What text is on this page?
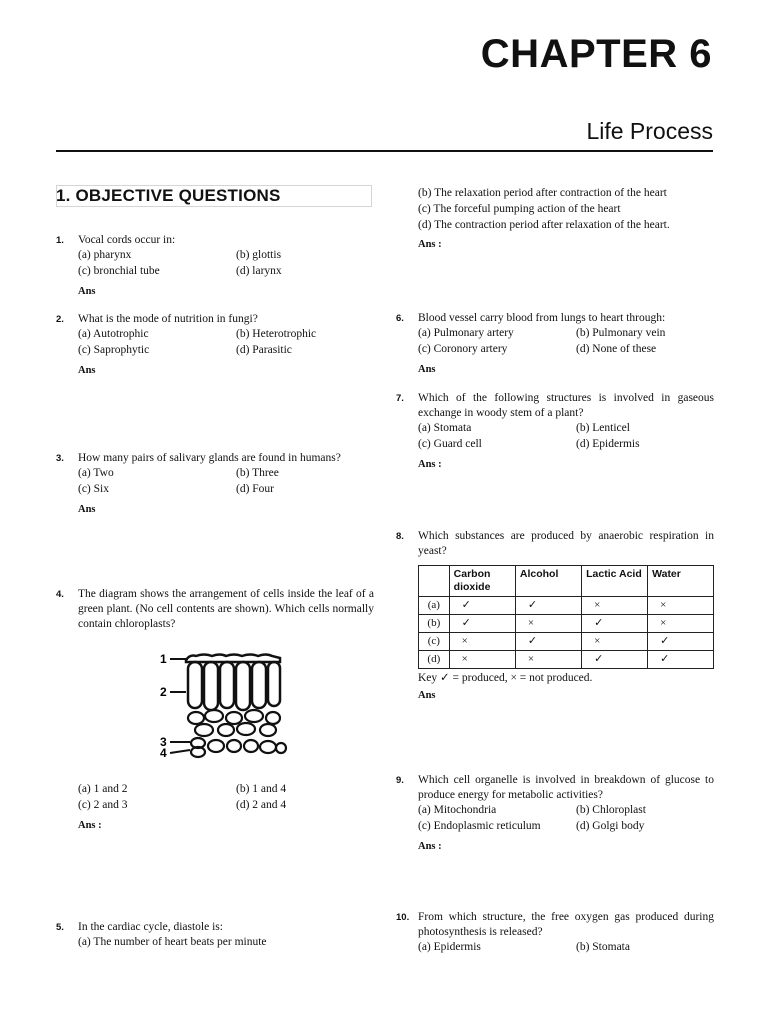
CHAPTER 6
Life Process
1. OBJECTIVE QUESTIONS
1. Vocal cords occur in:
(a) pharynx	(b) glottis
(c) bronchial tube	(d) larynx
Ans
2. What is the mode of nutrition in fungi?
(a) Autotrophic	(b) Heterotrophic
(c) Saprophytic	(d) Parasitic
Ans
3. How many pairs of salivary glands are found in humans?
(a) Two	(b) Three
(c) Six	(d) Four
Ans
4. The diagram shows the arrangement of cells inside the leaf of a green plant. (No cell contents are shown). Which cells normally contain chloroplasts?
1
2
3
4
(a) 1 and 2	(b) 1 and 4
(c) 2 and 3	(d) 2 and 4
Ans :
5. In the cardiac cycle, diastole is:
(a) The number of heart beats per minute
(b) The relaxation period after contraction of the heart
(c) The forceful pumping action of the heart
(d) The contraction period after relaxation of the heart.
Ans :
6. Blood vessel carry blood from lungs to heart through:
(a) Pulmonary artery	(b) Pulmonary vein
(c) Coronory artery	(d) None of these
Ans
7. Which of the following structures is involved in gaseous exchange in woody stem of a plant?
(a) Stomata	(b) Lenticel
(c) Guard cell	(d) Epidermis
Ans :
8. Which substances are produced by anaerobic respiration in yeast?
	Carbon dioxide	Alcohol	Lactic Acid	Water
(a)	✓	✓	×	×
(b)	✓	×	✓	×
(c)	×	✓	×	✓
(d)	×	×	✓	✓
Key ✓ = produced, × = not produced.
Ans
9. Which cell organelle is involved in breakdown of glucose to produce energy for metabolic activities?
(a) Mitochondria	(b) Chloroplast
(c) Endoplasmic reticulum	(d) Golgi body
Ans :
10. From which structure, the free oxygen gas produced during photosynthesis is released?
(a) Epidermis	(b) Stomata
